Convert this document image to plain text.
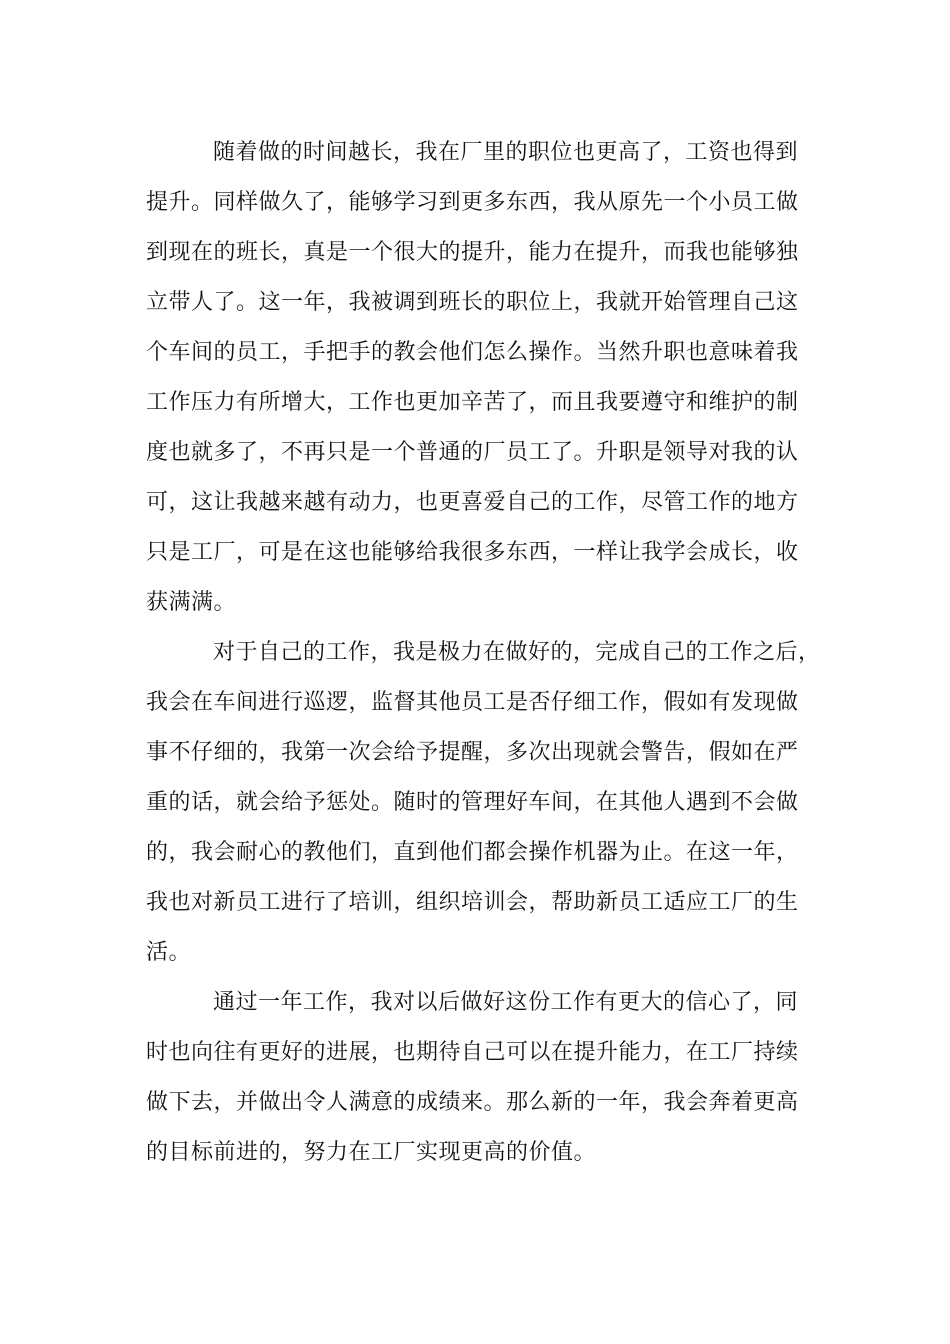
随着做的时间越长，我在厂里的职位也更高了，工资也得到
提升。同样做久了，能够学习到更多东西，我从原先一个小员工做
到现在的班长，真是一个很大的提升，能力在提升，而我也能够独
立带人了。这一年，我被调到班长的职位上，我就开始管理自己这
个车间的员工，手把手的教会他们怎么操作。当然升职也意味着我
工作压力有所增大，工作也更加辛苦了，而且我要遵守和维护的制
度也就多了，不再只是一个普通的厂员工了。升职是领导对我的认
可，这让我越来越有动力，也更喜爱自己的工作，尽管工作的地方
只是工厂，可是在这也能够给我很多东西，一样让我学会成长，收
获满满。
对于自己的工作，我是极力在做好的，完成自己的工作之后，
我会在车间进行巡逻，监督其他员工是否仔细工作，假如有发现做
事不仔细的，我第一次会给予提醒，多次出现就会警告，假如在严
重的话，就会给予惩处。随时的管理好车间，在其他人遇到不会做
的，我会耐心的教他们，直到他们都会操作机器为止。在这一年，
我也对新员工进行了培训，组织培训会，帮助新员工适应工厂的生
活。
通过一年工作，我对以后做好这份工作有更大的信心了，同
时也向往有更好的进展，也期待自己可以在提升能力，在工厂持续
做下去，并做出令人满意的成绩来。那么新的一年，我会奔着更高
的目标前进的，努力在工厂实现更高的价值。
